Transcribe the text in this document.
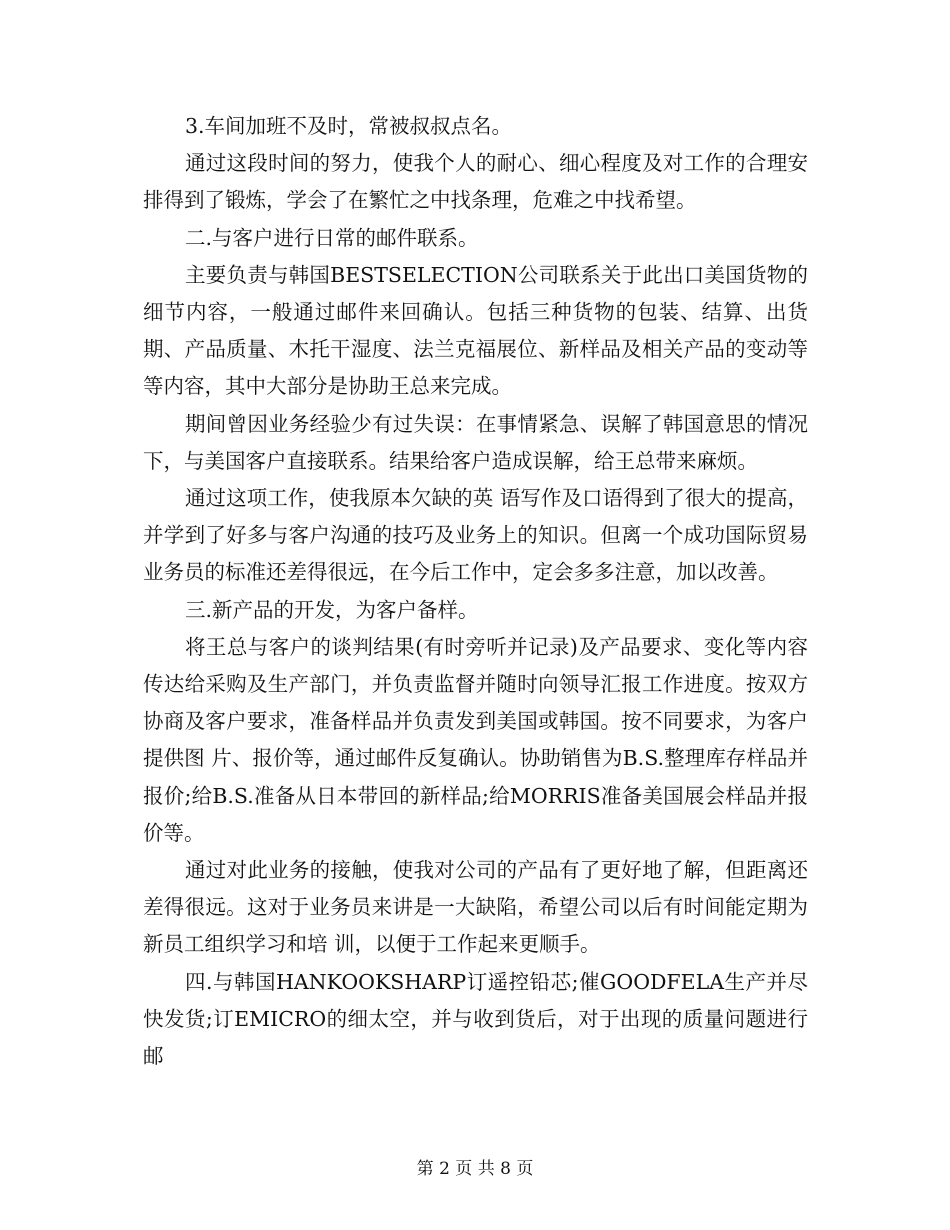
3.车间加班不及时，常被叔叔点名。

通过这段时间的努力，使我个人的耐心、细心程度及对工作的合理安排得到了锻炼，学会了在繁忙之中找条理，危难之中找希望。

二.与客户进行日常的邮件联系。

主要负责与韩国BESTSELECTION公司联系关于此出口美国货物的细节内容，一般通过邮件来回确认。包括三种货物的包装、结算、出货期、产品质量、木托干湿度、法兰克福展位、新样品及相关产品的变动等等内容，其中大部分是协助王总来完成。

期间曾因业务经验少有过失误：在事情紧急、误解了韩国意思的情况下，与美国客户直接联系。结果给客户造成误解，给王总带来麻烦。

通过这项工作，使我原本欠缺的英 语写作及口语得到了很大的提高，并学到了好多与客户沟通的技巧及业务上的知识。但离一个成功国际贸易业务员的标准还差得很远，在今后工作中，定会多多注意，加以改善。

三.新产品的开发，为客户备样。

将王总与客户的谈判结果(有时旁听并记录)及产品要求、变化等内容传达给采购及生产部门，并负责监督并随时向领导汇报工作进度。按双方协商及客户要求，准备样品并负责发到美国或韩国。按不同要求，为客户提供图 片、报价等，通过邮件反复确认。协助销售为B.S.整理库存样品并报价;给B.S.准备从日本带回的新样品;给MORRIS准备美国展会样品并报价等。

通过对此业务的接触，使我对公司的产品有了更好地了解，但距离还差得很远。这对于业务员来讲是一大缺陷，希望公司以后有时间能定期为新员工组织学习和培 训，以便于工作起来更顺手。

四.与韩国HANKOOKSHARP订遥控铅芯;催GOODFELA生产并尽快发货;订EMICRO的细太空，并与收到货后，对于出现的质量问题进行邮

第 2 页 共 8 页
